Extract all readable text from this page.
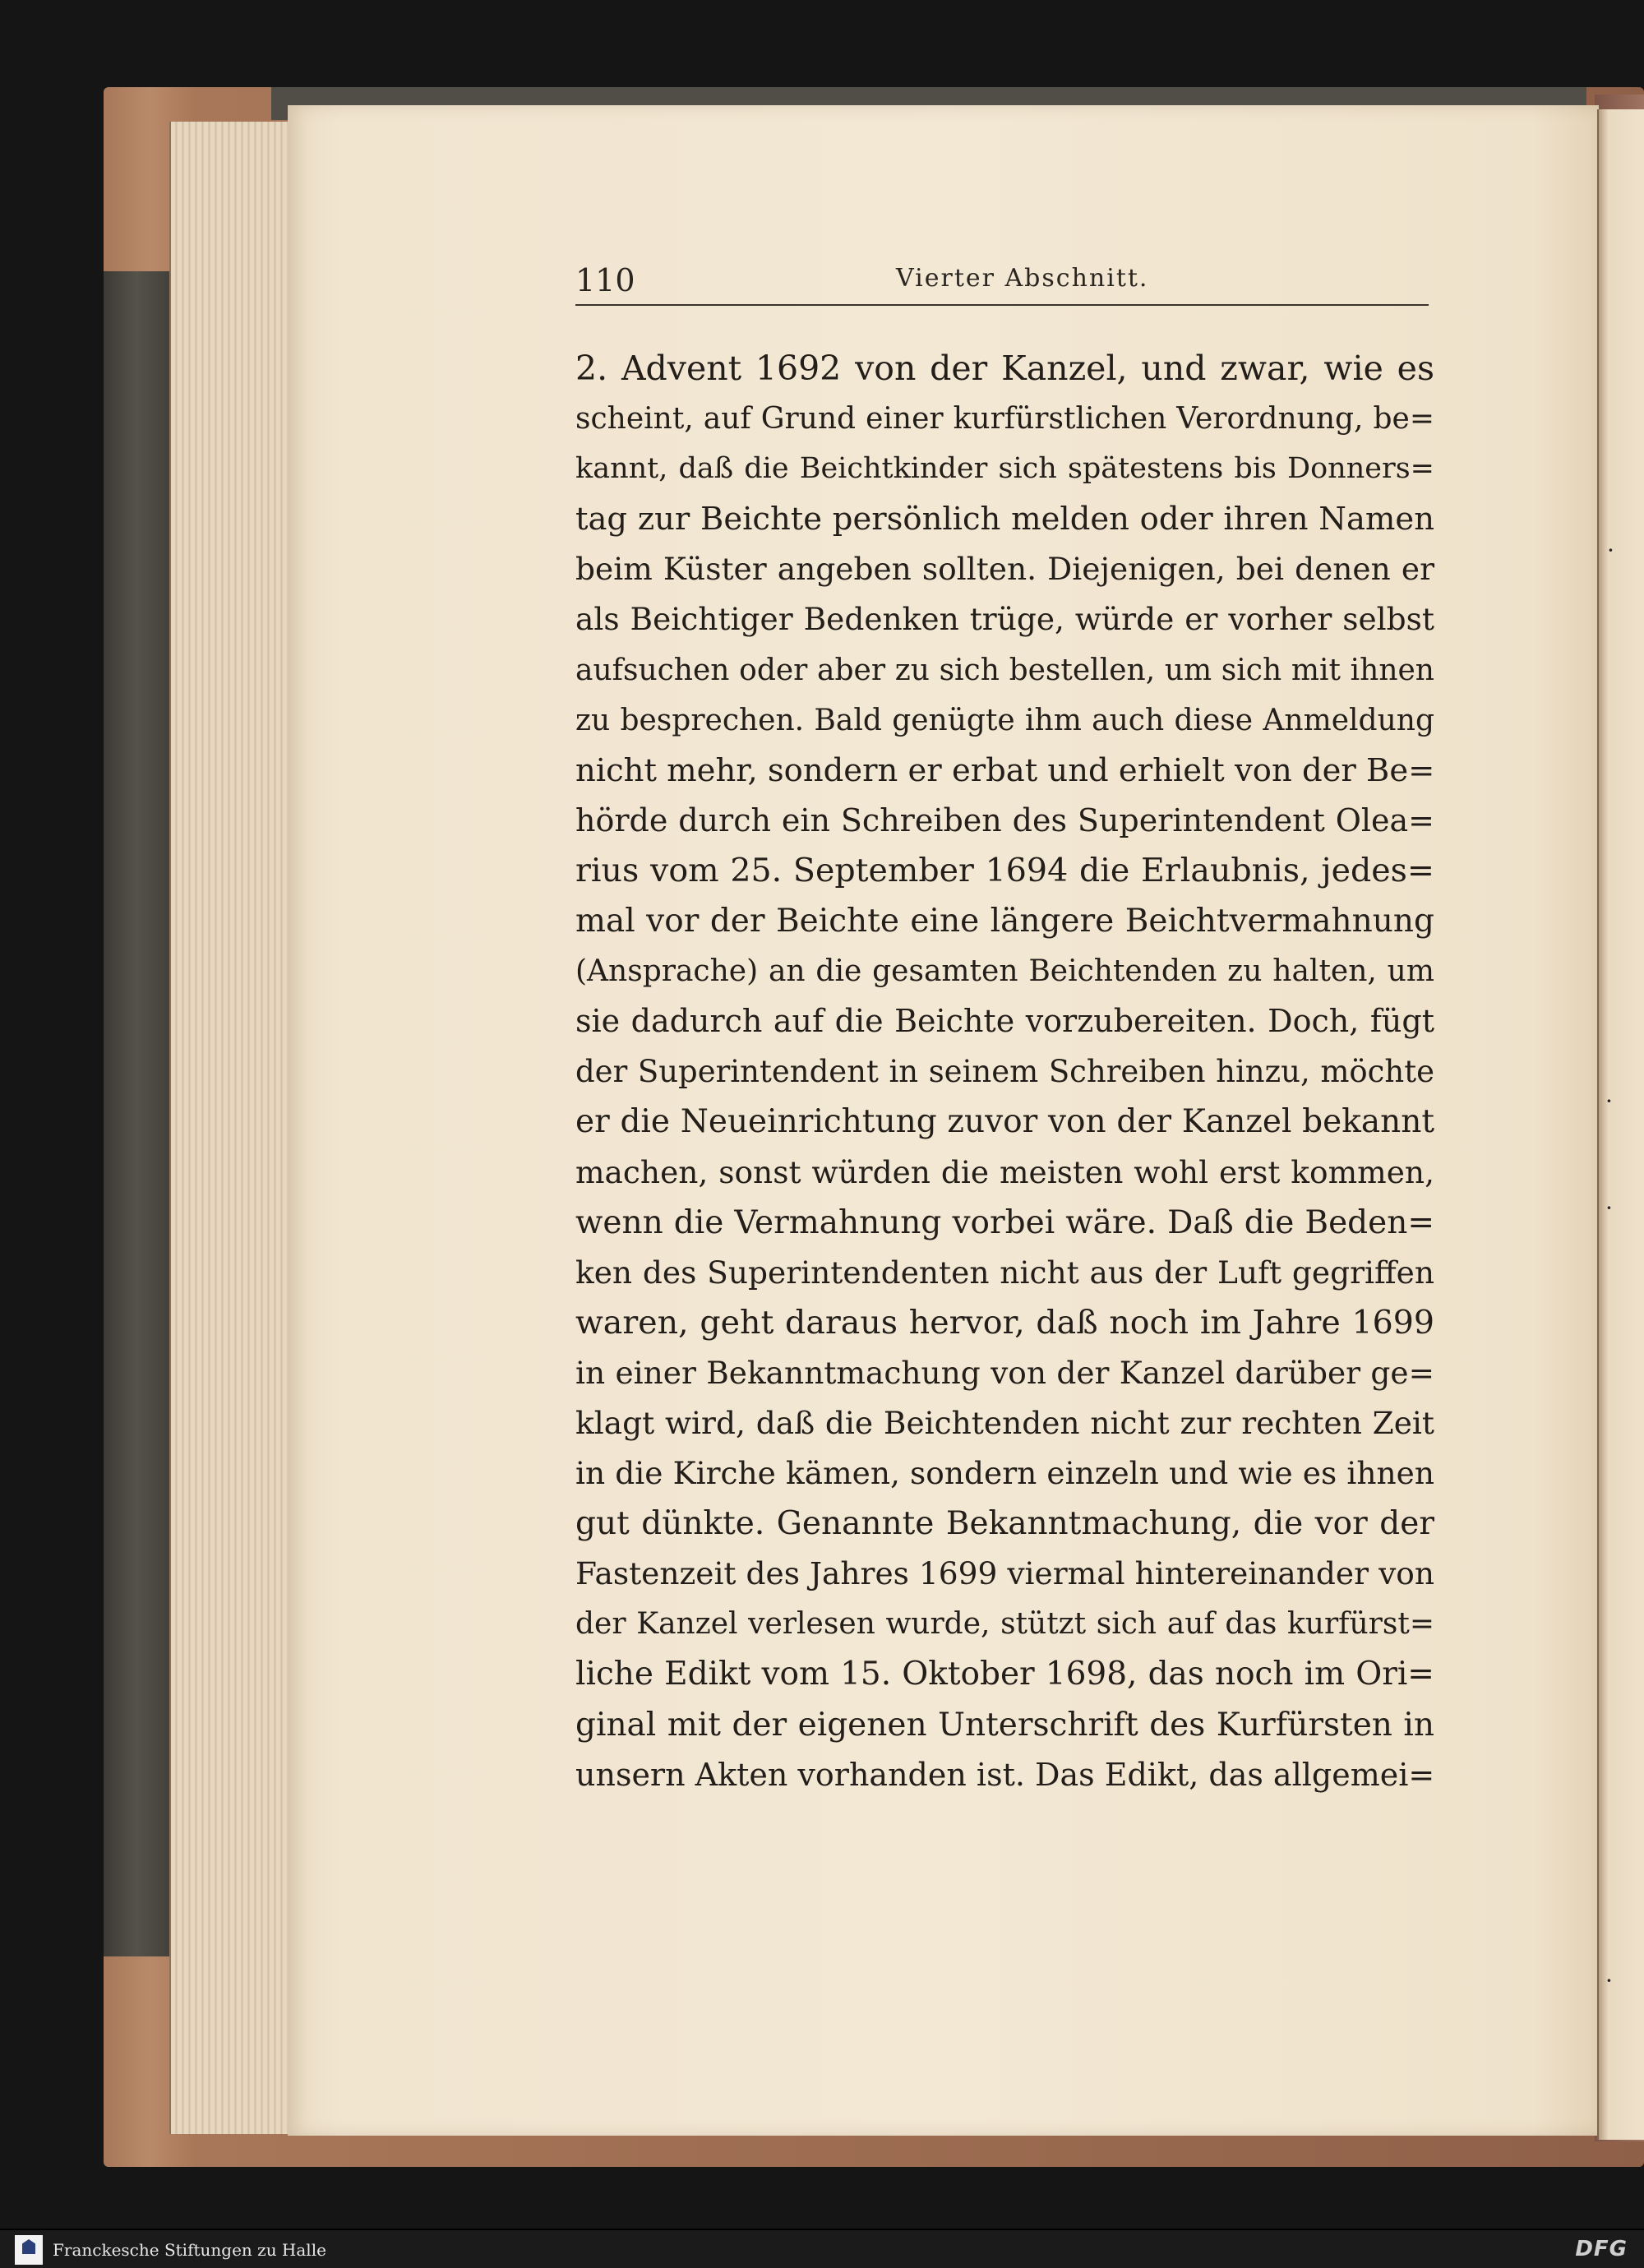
·
·
·
·
110	Vierter Abschnitt.
2. Advent 1692 von der Kanzel, und zwar, wie es
scheint, auf Grund einer kurfürstlichen Verordnung, be=
kannt, daß die Beichtkinder sich spätestens bis Donners=
tag zur Beichte persönlich melden oder ihren Namen
beim Küster angeben sollten. Diejenigen, bei denen er
als Beichtiger Bedenken trüge, würde er vorher selbst
aufsuchen oder aber zu sich bestellen, um sich mit ihnen
zu besprechen. Bald genügte ihm auch diese Anmeldung
nicht mehr, sondern er erbat und erhielt von der Be=
hörde durch ein Schreiben des Superintendent Olea=
rius vom 25. September 1694 die Erlaubnis, jedes=
mal vor der Beichte eine längere Beichtvermahnung
(Ansprache) an die gesamten Beichtenden zu halten, um
sie dadurch auf die Beichte vorzubereiten. Doch, fügt
der Superintendent in seinem Schreiben hinzu, möchte
er die Neueinrichtung zuvor von der Kanzel bekannt
machen, sonst würden die meisten wohl erst kommen,
wenn die Vermahnung vorbei wäre. Daß die Beden=
ken des Superintendenten nicht aus der Luft gegriffen
waren, geht daraus hervor, daß noch im Jahre 1699
in einer Bekanntmachung von der Kanzel darüber ge=
klagt wird, daß die Beichtenden nicht zur rechten Zeit
in die Kirche kämen, sondern einzeln und wie es ihnen
gut dünkte. Genannte Bekanntmachung, die vor der
Fastenzeit des Jahres 1699 viermal hintereinander von
der Kanzel verlesen wurde, stützt sich auf das kurfürst=
liche Edikt vom 15. Oktober 1698, das noch im Ori=
ginal mit der eigenen Unterschrift des Kurfürsten in
unsern Akten vorhanden ist. Das Edikt, das allgemei=
Franckesche Stiftungen zu Halle	DFG
